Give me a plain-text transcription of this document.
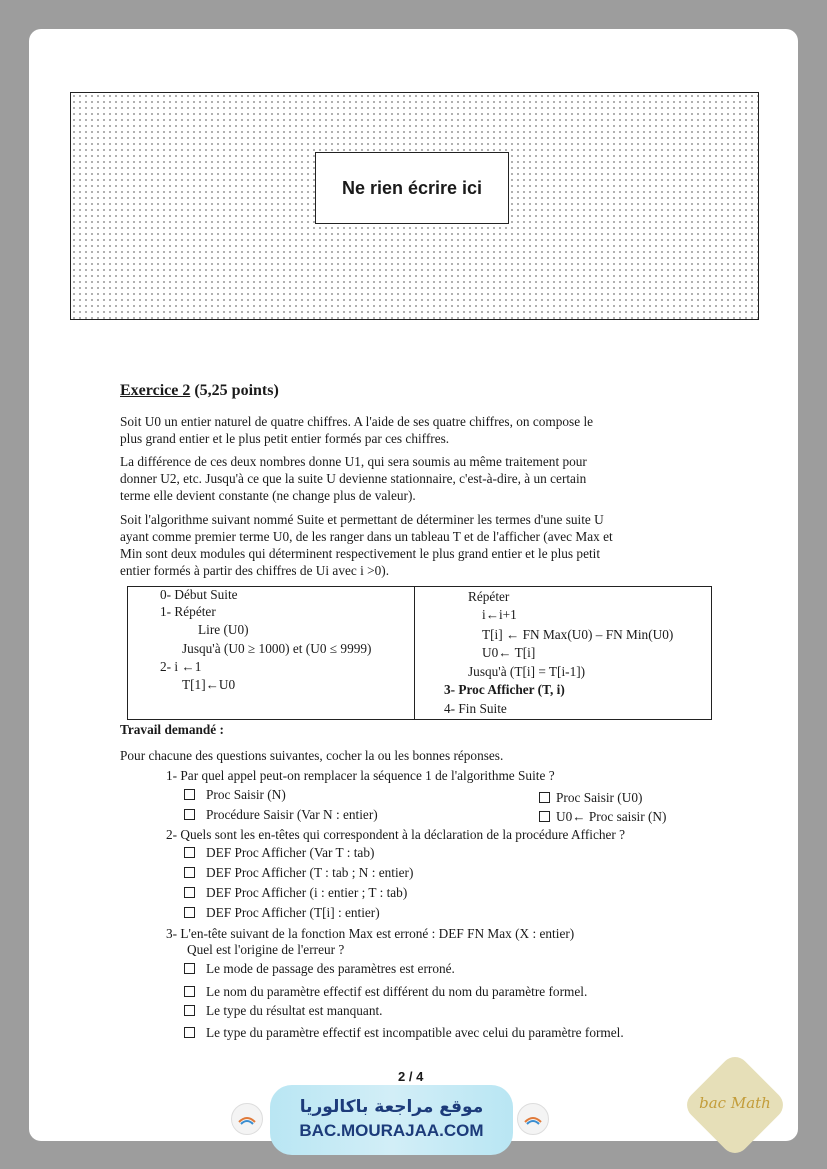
Ne rien écrire ici
Exercice 2 (5,25 points)
Soit U0 un entier naturel de quatre chiffres. A l'aide de ses quatre chiffres, on compose le
plus grand entier et le plus petit entier formés par ces chiffres.
La différence de ces deux nombres donne U1, qui sera soumis au même traitement pour
donner U2, etc. Jusqu'à ce que la suite U devienne stationnaire, c'est-à-dire, à un certain
terme elle devient constante (ne change plus de valeur).
Soit l'algorithme suivant nommé Suite et permettant de déterminer les termes d'une suite U
ayant comme premier terme U0, de les ranger dans un tableau T et de l'afficher (avec Max et
Min sont deux modules qui déterminent respectivement le plus grand entier et le plus petit
entier formés à partir des chiffres de Ui avec i >0).
0- Début Suite
1- Répéter
Lire (U0)
Jusqu'à (U0 ≥ 1000) et (U0 ≤ 9999)
2- i ←1
T[1]←U0
Répéter
i←i+1
T[i] ← FN Max(U0) – FN Min(U0)
U0← T[i]
Jusqu'à (T[i] = T[i-1])
3- Proc Afficher (T, i)
4- Fin Suite
Travail demandé :
Pour chacune des questions suivantes, cocher la ou les bonnes réponses.
1- Par quel appel peut-on remplacer la séquence 1 de l'algorithme Suite ?
Proc Saisir (N)
Procédure Saisir (Var N : entier)
Proc Saisir (U0)
U0← Proc saisir (N)
2- Quels sont les en-têtes qui correspondent à la déclaration de la procédure Afficher ?
DEF Proc Afficher (Var T : tab)
DEF Proc Afficher (T : tab ; N : entier)
DEF Proc Afficher (i : entier ; T : tab)
DEF Proc Afficher (T[i] : entier)
3- L'en-tête suivant de la fonction Max est erroné : DEF FN Max (X : entier)
Quel est l'origine de l'erreur ?
Le mode de passage des paramètres est erroné.
Le nom du paramètre effectif est différent du nom du paramètre formel.
Le type du résultat est manquant.
Le type du paramètre effectif est incompatible avec celui du paramètre formel.
2 / 4
موقع مراجعة باكالوريا
BAC.MOURAJAA.COM
bac Math
